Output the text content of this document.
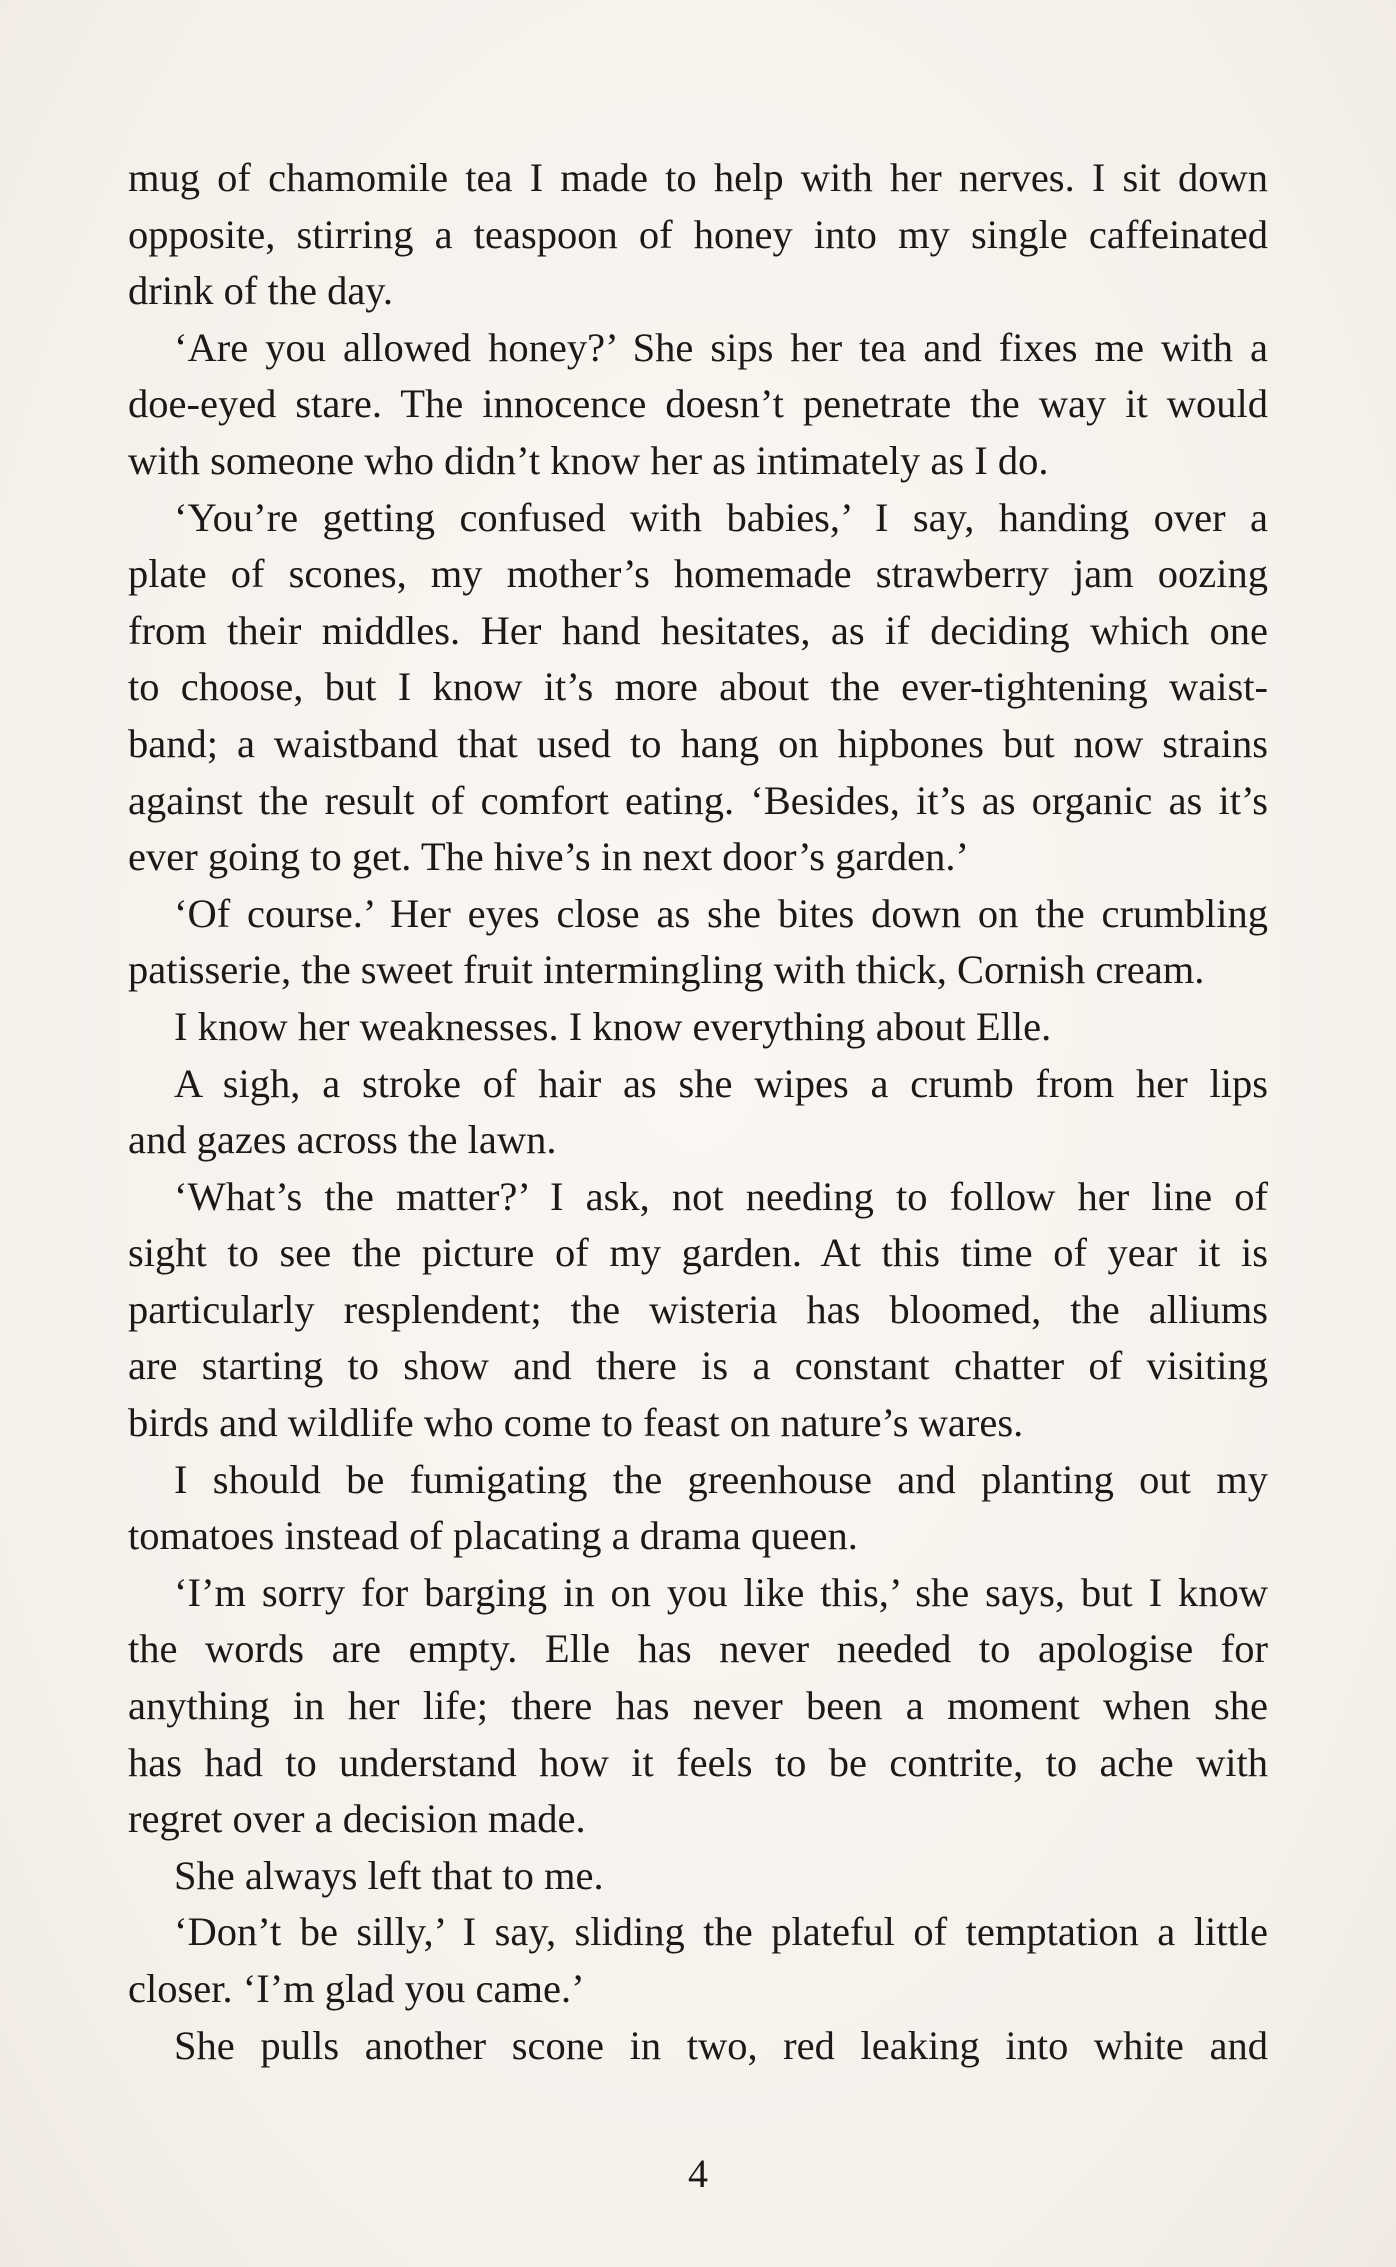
mug of chamomile tea I made to help with her nerves. I sit down
opposite, stirring a teaspoon of honey into my single caffeinated
drink of the day.
‘Are you allowed honey?’ She sips her tea and fixes me with a
doe-eyed stare. The innocence doesn’t penetrate the way it would
with someone who didn’t know her as intimately as I do.
‘You’re getting confused with babies,’ I say, handing over a
plate of scones, my mother’s homemade strawberry jam oozing
from their middles. Her hand hesitates, as if deciding which one
to choose, but I know it’s more about the ever-tightening waist-
band; a waistband that used to hang on hipbones but now strains
against the result of comfort eating. ‘Besides, it’s as organic as it’s
ever going to get. The hive’s in next door’s garden.’
‘Of course.’ Her eyes close as she bites down on the crumbling
patisserie, the sweet fruit intermingling with thick, Cornish cream.
I know her weaknesses. I know everything about Elle.
A sigh, a stroke of hair as she wipes a crumb from her lips
and gazes across the lawn.
‘What’s the matter?’ I ask, not needing to follow her line of
sight to see the picture of my garden. At this time of year it is
particularly resplendent; the wisteria has bloomed, the alliums
are starting to show and there is a constant chatter of visiting
birds and wildlife who come to feast on nature’s wares.
I should be fumigating the greenhouse and planting out my
tomatoes instead of placating a drama queen.
‘I’m sorry for barging in on you like this,’ she says, but I know
the words are empty. Elle has never needed to apologise for
anything in her life; there has never been a moment when she
has had to understand how it feels to be contrite, to ache with
regret over a decision made.
She always left that to me.
‘Don’t be silly,’ I say, sliding the plateful of temptation a little
closer. ‘I’m glad you came.’
She pulls another scone in two, red leaking into white and
4
